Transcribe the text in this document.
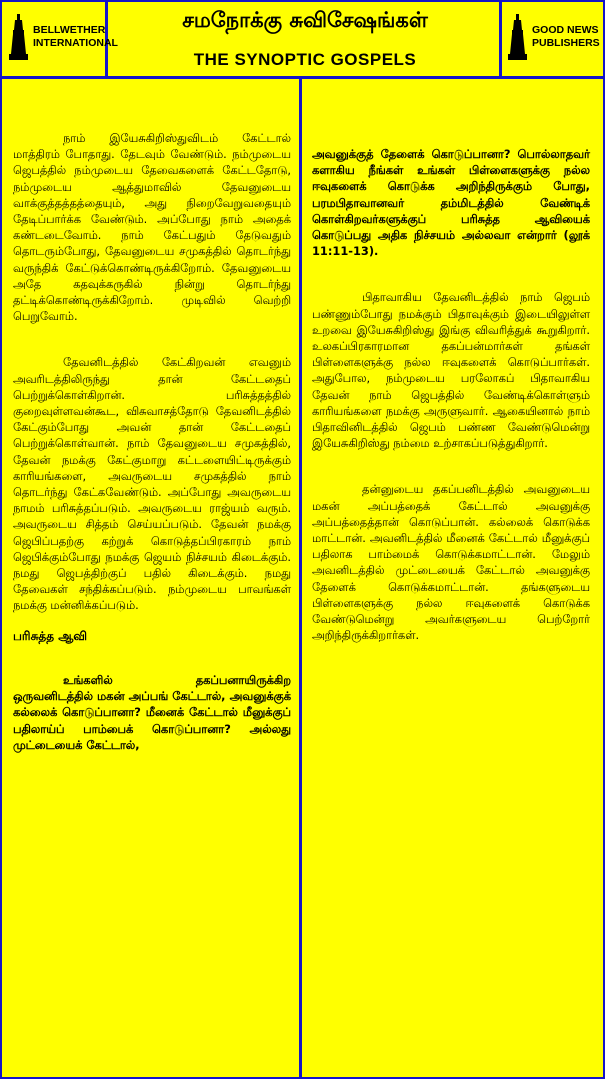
BELLWETHER
INTERNATIONAL
சமநோக்கு சுவிசேஷங்கள்
THE SYNOPTIC GOSPELS
GOOD NEWS
PUBLISHERS

நாம் இயேசுகிறிஸ்துவிடம் கேட்டால் மாத்திரம் போதாது. தேடவும் வேண்டும். நம்முடைய ஜெபத்தில் நம்முடைய தேவைகளைக் கேட்டதோடு, நம்முடைய ஆத்துமாவில் தேவனுடைய வாக்குத்தத்தத்தையும், அது நிறைவேறுவதையும் தேடிப்பார்க்க வேண்டும். அப்போது நாம் அதைக் கண்டடைவோம். நாம் கேட்பதும் தேடுவதும் தொடரும்போது, தேவனுடைய சமுகத்தில் தொடர்ந்து வருந்திக் கேட்டுக்கொண்டிருக்கிறோம். தேவனுடைய அதே கதவுக்கருகில் நின்று தொடர்ந்து தட்டிக்கொண்டிருக்கிறோம். முடிவில் வெற்றி பெறுவோம்.

தேவனிடத்தில் கேட்கிறவன் எவனும் அவரிடத்திலிருந்து தான் கேட்டதைப் பெற்றுக்கொள்கிறான். பரிசுத்தத்தில் குறைவுள்ளவன்கூட, விசுவாசத்தோடு தேவனிடத்தில் கேட்கும்போது அவன் தான் கேட்டதைப் பெற்றுக்கொள்வான். நாம் தேவனுடைய சமுகத்தில், தேவன் நமக்கு கேட்குமாறு கட்டளையிட்டிருக்கும் காரியங்களை, அவருடைய சமுகத்தில் நாம் தொடர்ந்து கேட்கவேண்டும். அப்போது அவருடைய நாமம் பரிசுத்தப்படும். அவருடைய ராஜ்யம் வரும். அவருடைய சித்தம் செய்யப்படும். தேவன் நமக்கு ஜெபிப்பதற்கு கற்றுக் கொடுத்தப்பிரகாரம் நாம் ஜெபிக்கும்போது நமக்கு ஜெயம் நிச்சயம் கிடைக்கும். நமது ஜெபத்திற்குப் பதில் கிடைக்கும். நமது தேவைகள் சந்திக்கப்படும். நம்முடைய பாவங்கள் நமக்கு மன்னிக்கப்படும்.

பரிசுத்த ஆவி

உங்களில் தகப்பனாயிருக்கிற ஒருவனிடத்தில் மகன் அப்பங் கேட்டால், அவனுக்குக் கல்லைக் கொடுப்பானா? மீனைக் கேட்டால் மீனுக்குப் பதிலாய்ப் பாம்பைக் கொடுப்பானா? அல்லது முட்டையைக் கேட்டால்,

அவனுக்குத் தேளைக் கொடுப்பானா? பொல்லாதவர் களாகிய நீங்கள் உங்கள் பிள்ளைகளுக்கு நல்ல ஈவுகளைக் கொடுக்க அறிந்திருக்கும் போது, பரமபிதாவானவர் தம்மிடத்தில் வேண்டிக் கொள்கிறவர்களுக்குப் பரிசுத்த ஆவியைக் கொடுப்பது அதிக நிச்சயம் அல்லவா என்றார் (லூக் 11:11-13).

பிதாவாகிய தேவனிடத்தில் நாம் ஜெபம் பண்ணும்போது நமக்கும் பிதாவுக்கும் இடையிலுள்ள உறவை இயேசுகிறிஸ்து இங்கு விவரித்துக் கூறுகிறார். உலகப்பிரகாரமான தகப்பன்மார்கள் தங்கள் பிள்ளைகளுக்கு நல்ல ஈவுகளைக் கொடுப்பார்கள். அதுபோல, நம்முடைய பரலோகப் பிதாவாகிய தேவன் நாம் ஜெபத்தில் வேண்டிக்கொள்ளும் காரியங்களை நமக்கு அருளுவார். ஆகையினால் நாம் பிதாவினிடத்தில் ஜெபம் பண்ண வேண்டுமென்று இயேசுகிறிஸ்து நம்மை உற்சாகப்படுத்துகிறார்.

தன்னுடைய தகப்பனிடத்தில் அவனுடைய மகன் அப்பத்தைக் கேட்டால் அவனுக்கு அப்பத்தைத்தான் கொடுப்பான். கல்லைக் கொடுக்க மாட்டான். அவனிடத்தில் மீனைக் கேட்டால் மீனுக்குப் பதிலாக பாம்மைக் கொடுக்கமாட்டான். மேலும் அவனிடத்தில் முட்டையைக் கேட்டால் அவனுக்கு தேளைக் கொடுக்கமாட்டான். தங்களுடைய பிள்ளைகளுக்கு நல்ல ஈவுகளைக் கொடுக்க வேண்டுமென்று அவர்களுடைய பெற்றோர் அறிந்திருக்கிறார்கள்.
